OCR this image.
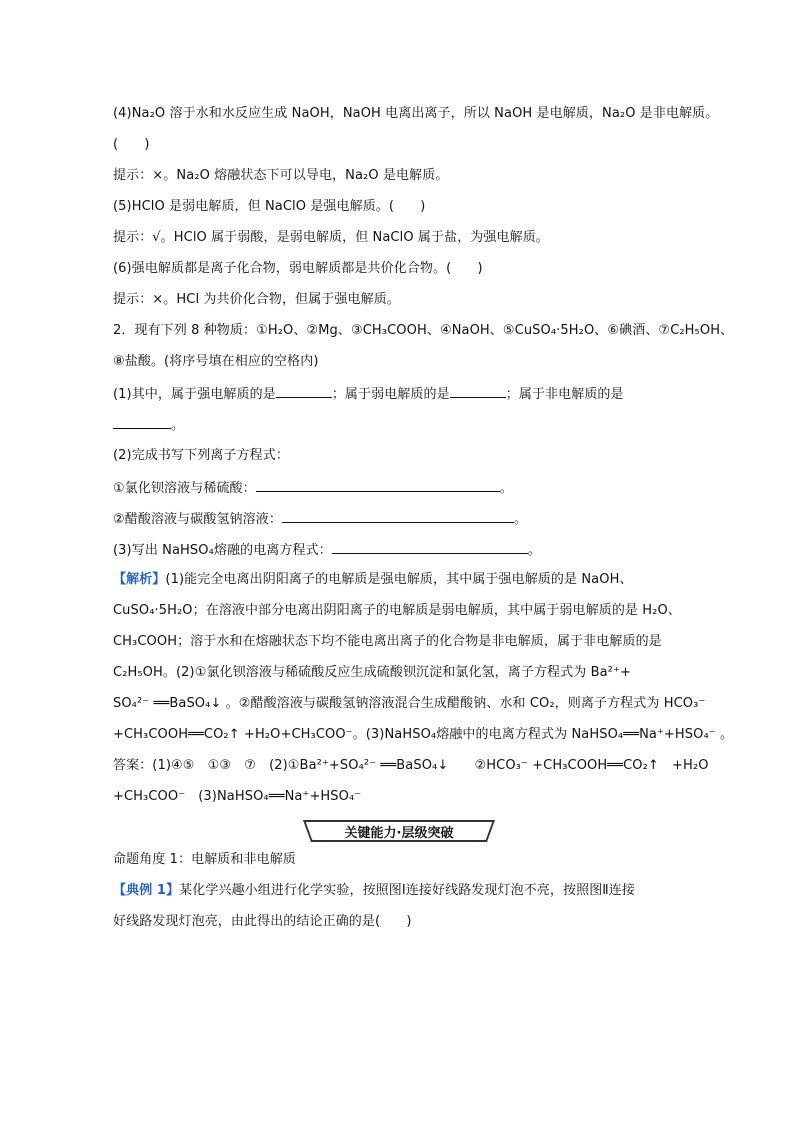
(4)Na₂O 溶于水和水反应生成 NaOH，NaOH 电离出离子，所以 NaOH 是电解质，Na₂O 是非电解质。
(　　)
提示：×。Na₂O 熔融状态下可以导电，Na₂O 是电解质。
(5)HClO 是弱电解质，但 NaClO 是强电解质。(　　)
提示：√。HClO 属于弱酸，是弱电解质，但 NaClO 属于盐，为强电解质。
(6)强电解质都是离子化合物，弱电解质都是共价化合物。(　　)
提示：×。HCl 为共价化合物，但属于强电解质。
2．现有下列 8 种物质：①H₂O、②Mg、③CH₃COOH、④NaOH、⑤CuSO₄·5H₂O、⑥碘酒、⑦C₂H₅OH、
⑧盐酸。(将序号填在相应的空格内)
(1)其中，属于强电解质的是	；属于弱电解质的是	；属于非电解质的是
。
(2)完成书写下列离子方程式：
①氯化钡溶液与稀硫酸：	。
②醋酸溶液与碳酸氢钠溶液：	。
(3)写出 NaHSO₄熔融的电离方程式：	。
【解析】(1)能完全电离出阴阳离子的电解质是强电解质，其中属于强电解质的是 NaOH、
CuSO₄·5H₂O；在溶液中部分电离出阴阳离子的电解质是弱电解质，其中属于弱电解质的是 H₂O、
CH₃COOH；溶于水和在熔融状态下均不能电离出离子的化合物是非电解质，属于非电解质的是
C₂H₅OH。(2)①氯化钡溶液与稀硫酸反应生成硫酸钡沉淀和氯化氢，离子方程式为 Ba²⁺+
SO₄²⁻ ══BaSO₄↓ 。②醋酸溶液与碳酸氢钠溶液混合生成醋酸钠、水和 CO₂，则离子方程式为 HCO₃⁻
+CH₃COOH══CO₂↑ +H₂O+CH₃COO⁻。(3)NaHSO₄熔融中的电离方程式为 NaHSO₄══Na⁺+HSO₄⁻ 。
答案：(1)④⑤　①③　⑦　(2)①Ba²⁺+SO₄²⁻ ══BaSO₄↓　　②HCO₃⁻ +CH₃COOH══CO₂↑　+H₂O
+CH₃COO⁻　(3)NaHSO₄══Na⁺+HSO₄⁻
关键能力·层级突破
命题角度 1：电解质和非电解质
【典例 1】某化学兴趣小组进行化学实验，按照图Ⅰ连接好线路发现灯泡不亮，按照图Ⅱ连接
好线路发现灯泡亮，由此得出的结论正确的是(　　)
